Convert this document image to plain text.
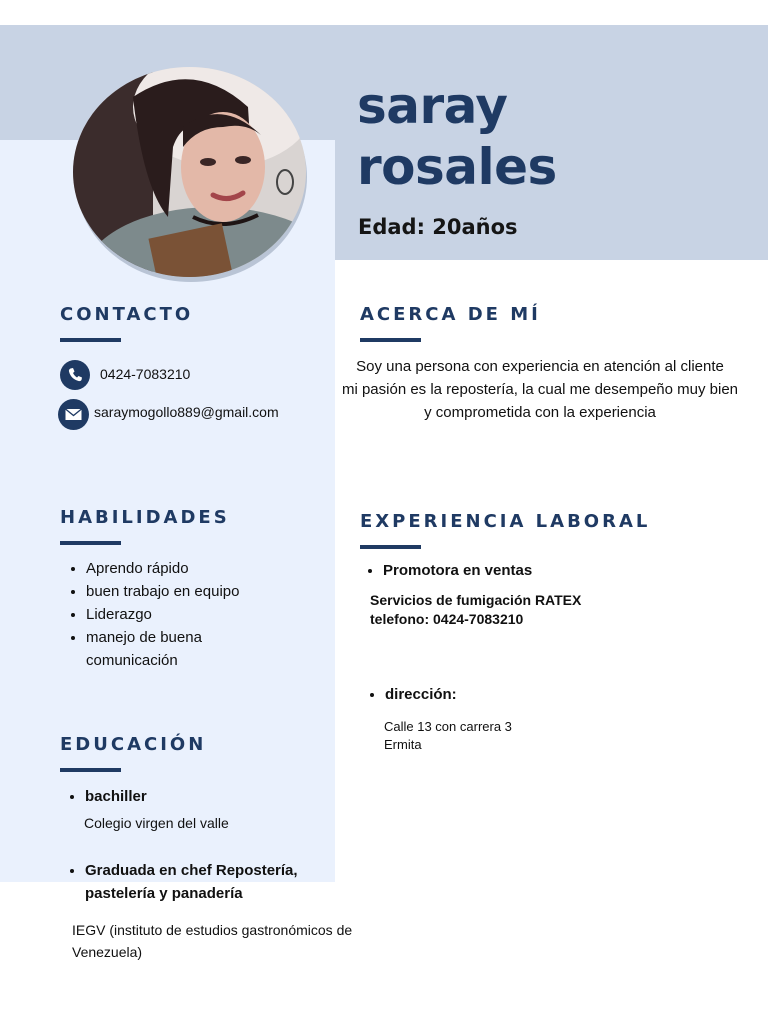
saray
rosales
Edad: 20años
CONTACTO
0424-7083210
saraymogollo889@gmail.com
ACERCA DE MÍ
Soy una persona con experiencia en atención al cliente
mi pasión es la repostería, la cual me desempeño muy bien
y comprometida con la experiencia
HABILIDADES
• Aprendo rápido
• buen trabajo en equipo
• Liderazgo
• manejo de buena comunicación
EXPERIENCIA LABORAL
• Promotora en ventas
Servicios de fumigación RATEX
telefono: 0424-7083210
• dirección:
Calle 13 con carrera 3
Ermita
EDUCACIÓN
• bachiller
Colegio virgen del valle
• Graduada en chef Repostería, pastelería y panadería
IEGV (instituto de estudios gastronómicos de Venezuela)
